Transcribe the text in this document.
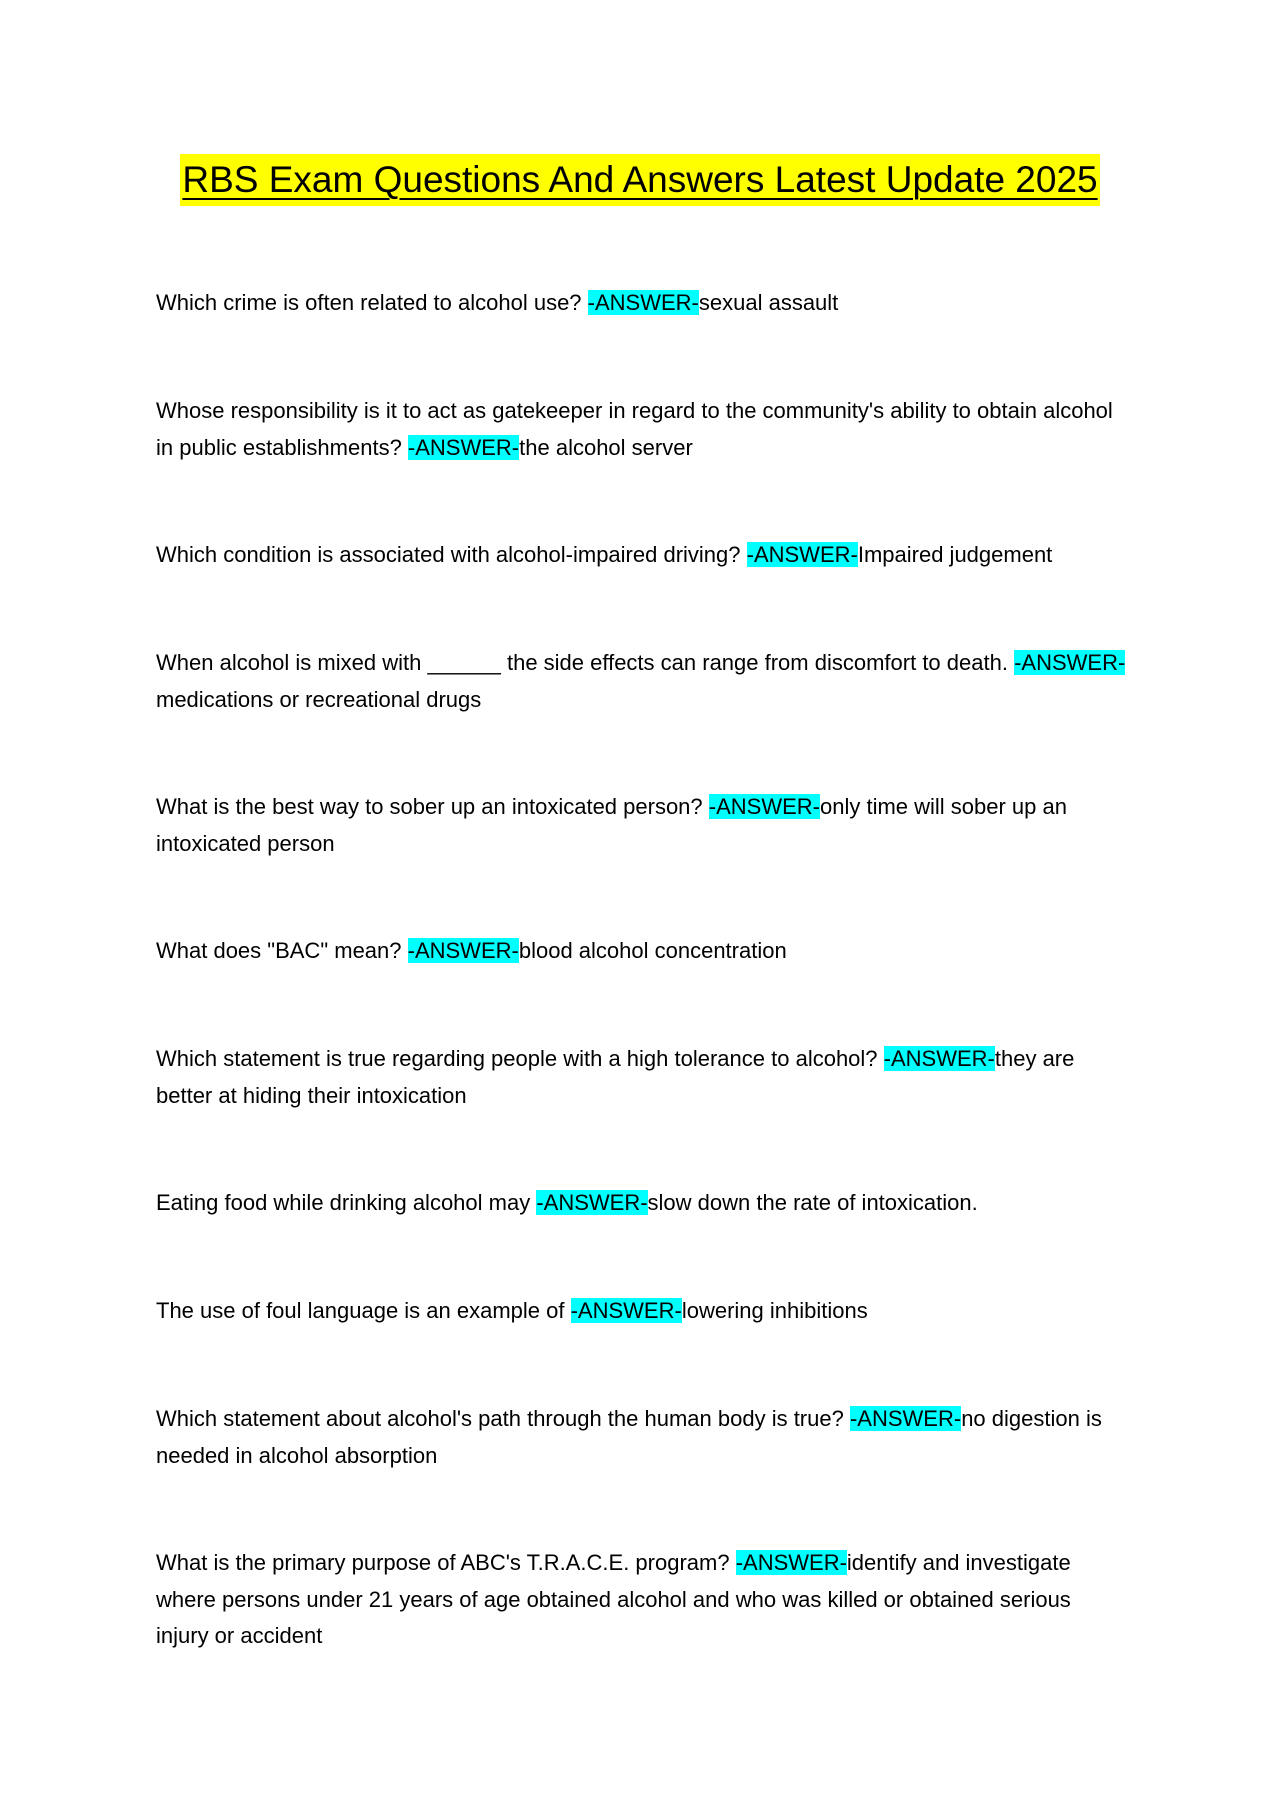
RBS Exam Questions And Answers Latest Update 2025

Which crime is often related to alcohol use? -ANSWER-sexual assault

Whose responsibility is it to act as gatekeeper in regard to the community's ability to obtain alcohol in public establishments? -ANSWER-the alcohol server

Which condition is associated with alcohol-impaired driving? -ANSWER-Impaired judgement

When alcohol is mixed with ______ the side effects can range from discomfort to death. -ANSWER-medications or recreational drugs

What is the best way to sober up an intoxicated person? -ANSWER-only time will sober up an intoxicated person

What does "BAC" mean? -ANSWER-blood alcohol concentration

Which statement is true regarding people with a high tolerance to alcohol? -ANSWER-they are better at hiding their intoxication

Eating food while drinking alcohol may -ANSWER-slow down the rate of intoxication.

The use of foul language is an example of -ANSWER-lowering inhibitions

Which statement about alcohol's path through the human body is true? -ANSWER-no digestion is needed in alcohol absorption

What is the primary purpose of ABC's T.R.A.C.E. program? -ANSWER-identify and investigate where persons under 21 years of age obtained alcohol and who was killed or obtained serious injury or accident
